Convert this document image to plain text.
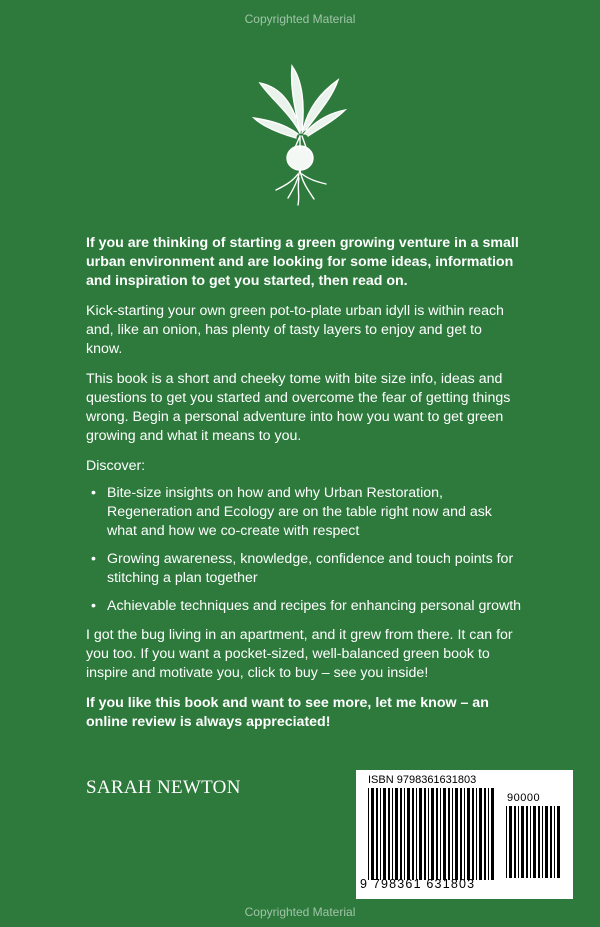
Copyrighted Material

If you are thinking of starting a green growing venture in a small urban environment and are looking for some ideas, information and inspiration to get you started, then read on.

Kick-starting your own green pot-to-plate urban idyll is within reach and, like an onion, has plenty of tasty layers to enjoy and get to know.

This book is a short and cheeky tome with bite size info, ideas and questions to get you started and overcome the fear of getting things wrong. Begin a personal adventure into how you want to get green growing and what it means to you.

Discover:

• Bite-size insights on how and why Urban Restoration, Regeneration and Ecology are on the table right now and ask what and how we co-create with respect
• Growing awareness, knowledge, confidence and touch points for stitching a plan together
• Achievable techniques and recipes for enhancing personal growth

I got the bug living in an apartment, and it grew from there. It can for you too. If you want a pocket-sized, well-balanced green book to inspire and motivate you, click to buy – see you inside!

If you like this book and want to see more, let me know – an online review is always appreciated!

SARAH NEWTON	ISBN 9798361631803
90000
9 798361 631803
Copyrighted Material
